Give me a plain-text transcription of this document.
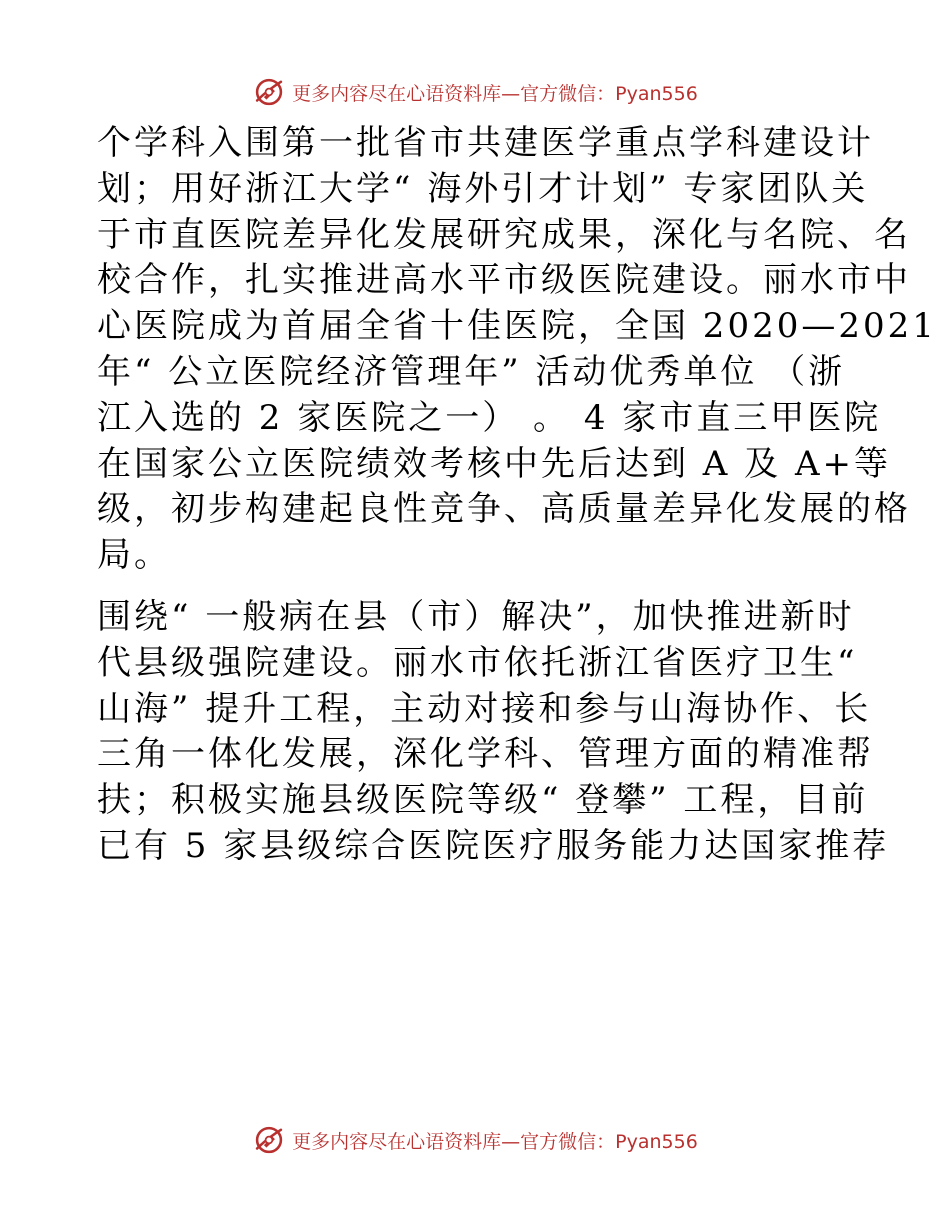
更多内容尽在心语资料库—官方微信：Pyan556

个学科入围第一批省市共建医学重点学科建设计
划；用好浙江大学“ 海外引才计划” 专家团队关
于市直医院差异化发展研究成果，深化与名院、名
校合作，扎实推进高水平市级医院建设。丽水市中
心医院成为首届全省十佳医院，全国 2020—2021
年“ 公立医院经济管理年” 活动优秀单位 （浙
江入选的 2 家医院之一） 。 4 家市直三甲医院
在国家公立医院绩效考核中先后达到 A 及 A+等
级，初步构建起良性竞争、高质量差异化发展的格
局。

围绕“ 一般病在县（市）解决”，加快推进新时
代县级强院建设。丽水市依托浙江省医疗卫生“
山海” 提升工程，主动对接和参与山海协作、长
三角一体化发展，深化学科、管理方面的精准帮
扶；积极实施县级医院等级“ 登攀” 工程，目前
已有 5 家县级综合医院医疗服务能力达国家推荐

更多内容尽在心语资料库—官方微信：Pyan556
